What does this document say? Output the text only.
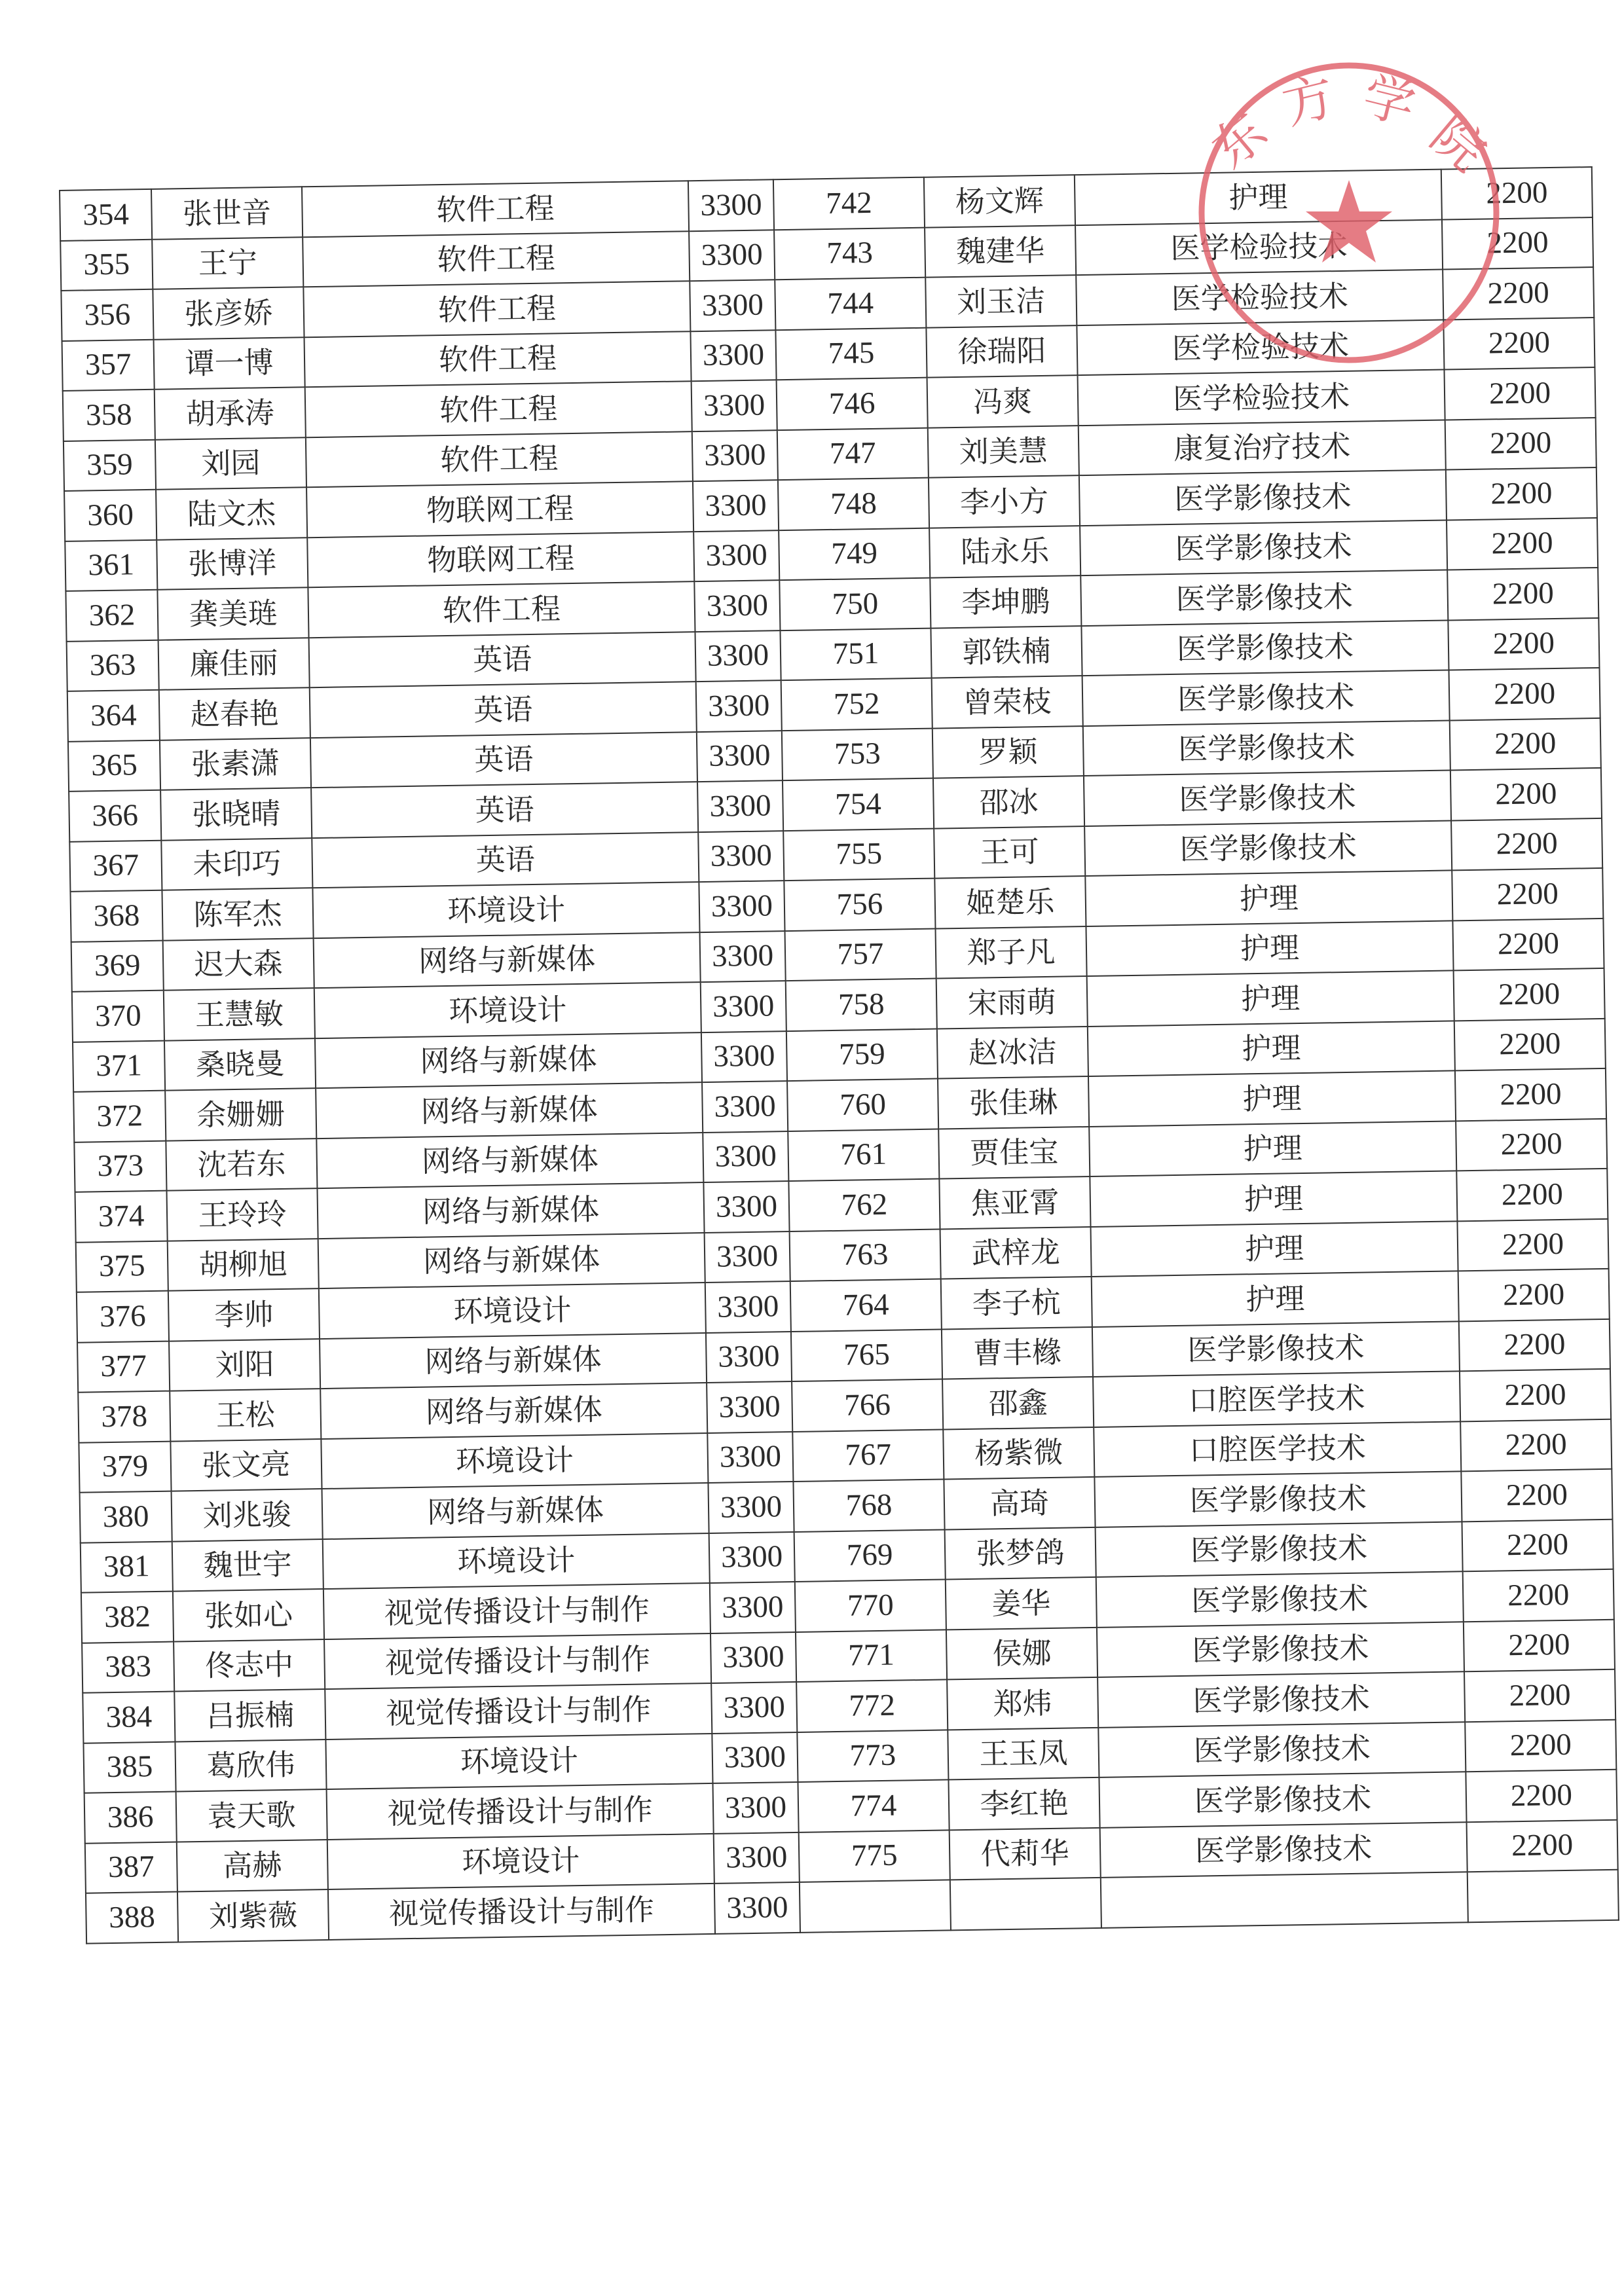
354	张世音	软件工程	3300	742	杨文辉	护理	2200
355	王宁	软件工程	3300	743	魏建华	医学检验技术	2200
356	张彦娇	软件工程	3300	744	刘玉洁	医学检验技术	2200
357	谭一博	软件工程	3300	745	徐瑞阳	医学检验技术	2200
358	胡承涛	软件工程	3300	746	冯爽	医学检验技术	2200
359	刘园	软件工程	3300	747	刘美慧	康复治疗技术	2200
360	陆文杰	物联网工程	3300	748	李小方	医学影像技术	2200
361	张博洋	物联网工程	3300	749	陆永乐	医学影像技术	2200
362	龚美琏	软件工程	3300	750	李坤鹏	医学影像技术	2200
363	廉佳丽	英语	3300	751	郭铁楠	医学影像技术	2200
364	赵春艳	英语	3300	752	曾荣枝	医学影像技术	2200
365	张素潇	英语	3300	753	罗颖	医学影像技术	2200
366	张晓晴	英语	3300	754	邵冰	医学影像技术	2200
367	未印巧	英语	3300	755	王可	医学影像技术	2200
368	陈军杰	环境设计	3300	756	姬楚乐	护理	2200
369	迟大森	网络与新媒体	3300	757	郑子凡	护理	2200
370	王慧敏	环境设计	3300	758	宋雨萌	护理	2200
371	桑晓曼	网络与新媒体	3300	759	赵冰洁	护理	2200
372	余姗姗	网络与新媒体	3300	760	张佳琳	护理	2200
373	沈若东	网络与新媒体	3300	761	贾佳宝	护理	2200
374	王玲玲	网络与新媒体	3300	762	焦亚霄	护理	2200
375	胡柳旭	网络与新媒体	3300	763	武梓龙	护理	2200
376	李帅	环境设计	3300	764	李子杭	护理	2200
377	刘阳	网络与新媒体	3300	765	曹丰橼	医学影像技术	2200
378	王松	网络与新媒体	3300	766	邵鑫	口腔医学技术	2200
379	张文亮	环境设计	3300	767	杨紫微	口腔医学技术	2200
380	刘兆骏	网络与新媒体	3300	768	高琦	医学影像技术	2200
381	魏世宇	环境设计	3300	769	张梦鸽	医学影像技术	2200
382	张如心	视觉传播设计与制作	3300	770	姜华	医学影像技术	2200
383	佟志中	视觉传播设计与制作	3300	771	侯娜	医学影像技术	2200
384	吕振楠	视觉传播设计与制作	3300	772	郑炜	医学影像技术	2200
385	葛欣伟	环境设计	3300	773	王玉凤	医学影像技术	2200
386	袁天歌	视觉传播设计与制作	3300	774	李红艳	医学影像技术	2200
387	高赫	环境设计	3300	775	代莉华	医学影像技术	2200
388	刘紫薇	视觉传播设计与制作	3300				
东
方 学
院
